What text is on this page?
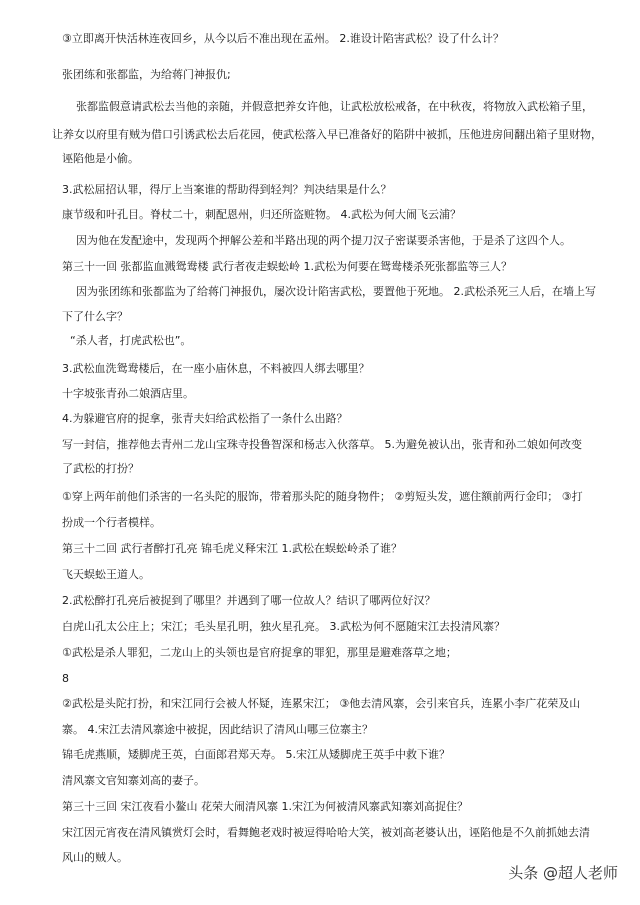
③立即离开快活林连夜回乡，从今以后不准出现在孟州。 2.谁设计陷害武松？设了什么计？
张团练和张都监，为给蒋门神报仇;
张都监假意请武松去当他的亲随，并假意把养女许他，让武松放松戒备，在中秋夜，将物放入武松箱子里，
让养女以府里有贼为借口引诱武松去后花园，使武松落入早已准备好的陷阱中被抓，压他进房间翻出箱子里财物，
诬陷他是小偷。
3.武松屈招认罪，得厅上当案谁的帮助得到轻判？判决结果是什么？
康节级和叶孔目。脊杖二十，刺配恩州，归还所盗赃物。 4.武松为何大闹飞云浦？
因为他在发配途中，发现两个押解公差和半路出现的两个提刀汉子密谋要杀害他，于是杀了这四个人。
第三十一回 张都监血溅鸳鸯楼 武行者夜走蜈蚣岭 1.武松为何要在鸳鸯楼杀死张都监等三人？
因为张团练和张都监为了给蒋门神报仇，屡次设计陷害武松，要置他于死地。 2.武松杀死三人后，在墙上写
下了什么字？
“杀人者，打虎武松也”。
3.武松血洗鸳鸯楼后，在一座小庙休息，不料被四人绑去哪里？
十字坡张青孙二娘酒店里。
4.为躲避官府的捉拿，张青夫妇给武松指了一条什么出路？
写一封信，推荐他去青州二龙山宝珠寺投鲁智深和杨志入伙落草。 5.为避免被认出，张青和孙二娘如何改变
了武松的打扮？
①穿上两年前他们杀害的一名头陀的服饰，带着那头陀的随身物件； ②剪短头发，遮住额前两行金印； ③打
扮成一个行者模样。
第三十二回 武行者醉打孔亮 锦毛虎义释宋江 1.武松在蜈蚣岭杀了谁？
飞天蜈蚣王道人。
2.武松醉打孔亮后被捉到了哪里？并遇到了哪一位故人？结识了哪两位好汉？
白虎山孔太公庄上；宋江；毛头星孔明，独火星孔亮。 3.武松为何不愿随宋江去投清风寨？
①武松是杀人罪犯，二龙山上的头领也是官府捉拿的罪犯，那里是避难落草之地；
8
②武松是头陀打扮，和宋江同行会被人怀疑，连累宋江； ③他去清风寨，会引来官兵，连累小李广花荣及山
寨。 4.宋江去清风寨途中被捉，因此结识了清风山哪三位寨主？
锦毛虎燕顺，矮脚虎王英，白面郎君郑天寿。 5.宋江从矮脚虎王英手中救下谁？
清风寨文官知寨刘高的妻子。
第三十三回 宋江夜看小鳌山 花荣大闹清风寨 1.宋江为何被清风寨武知寨刘高捉住？
宋江因元宵夜在清风镇赏灯会时，看舞鲍老戏时被逗得哈哈大笑，被刘高老婆认出，诬陷他是不久前抓她去清
风山的贼人。
头条 @超人老师
